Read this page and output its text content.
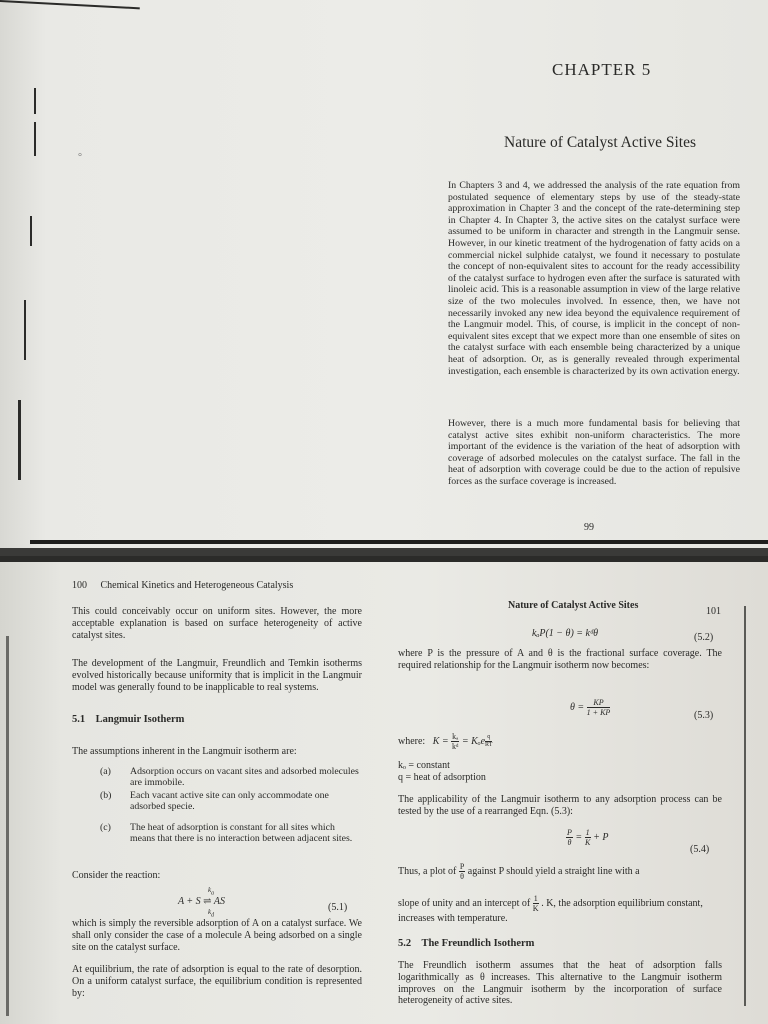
°
CHAPTER 5
Nature of Catalyst Active Sites
In Chapters 3 and 4, we addressed the analysis of the rate equation from postulated sequence of elementary steps by use of the steady-state approximation in Chapter 3 and the concept of the rate-determining step in Chapter 4. In Chapter 3, the active sites on the catalyst surface were assumed to be uniform in character and strength in the Langmuir sense. However, in our kinetic treatment of the hydrogenation of fatty acids on a commercial nickel sulphide catalyst, we found it necessary to postulate the concept of non-equivalent sites to account for the ready accessibility of the catalyst surface to hydrogen even after the surface is saturated with linoleic acid. This is a reasonable assumption in view of the large relative size of the two molecules involved. In essence, then, we have not necessarily invoked any new idea beyond the equivalence requirement of the Langmuir model. This, of course, is implicit in the concept of non-equivalent sites except that we expect more than one ensemble of sites on the catalyst surface with each ensemble being characterized by a unique heat of adsorption. Or, as is generally revealed through experimental investigation, each ensemble is characterized by its own activation energy.
However, there is a much more fundamental basis for believing that catalyst active sites exhibit non-uniform characteristics. The more important of the evidence is the variation of the heat of adsorption with coverage of adsorbed molecules on the catalyst surface. The fall in the heat of adsorption with coverage could be due to the action of repulsive forces as the surface coverage is increased.
99
100 Chemical Kinetics and Heterogeneous Catalysis
This could conceivably occur on uniform sites. However, the more acceptable explanation is based on surface heterogeneity of active catalyst sites.
The development of the Langmuir, Freundlich and Temkin isotherms evolved historically because uniformity that is implicit in the Langmuir model was generally found to be inapplicable to real systems.
5.1 Langmuir Isotherm
The assumptions inherent in the Langmuir isotherm are:
(a) Adsorption occurs on vacant sites and adsorbed molecules are immobile.
(b) Each vacant active site can only accommodate one adsorbed specie.
(c) The heat of adsorption is constant for all sites which means that there is no interaction between adjacent sites.
Consider the reaction:
A + S ⇌ AS
$k_a$
$k_d$
(5.1)
which is simply the reversible adsorption of A on a catalyst surface. We shall only consider the case of a molecule A being adsorbed on a single site on the catalyst surface.
At equilibrium, the rate of adsorption is equal to the rate of desorption. On a uniform catalyst surface, the equilibrium condition is represented by:
Nature of Catalyst Active Sites
101
kₐP(1 − θ) = kᵈθ	(5.2)
where P is the pressure of A and θ is the fractional surface coverage. The required relationship for the Langmuir isotherm now becomes:
$\theta = \frac{KP}{1 + KP}$	(5.3)
where: $K = \frac{\text{kₐ}}{\text{kᵈ}} = K_oe \frac{q}{RT}$
kₒ = constant
q = heat of adsorption
The applicability of the Langmuir isotherm to any adsorption process can be tested by the use of a rearranged Eqn. (5.3):
$\frac{P}{\theta} = \frac{1}{K} + P$
(5.4)
Thus, a plot of $\frac{P}{\theta}$ against P should yield a straight line with a
slope of unity and an intercept of $\frac{1}{K}$ . K, the adsorption equilibrium constant, increases with temperature.
5.2 The Freundlich Isotherm
The Freundlich isotherm assumes that the heat of adsorption falls logarithmically as θ increases. This alternative to the Langmuir isotherm improves on the Langmuir isotherm by the incorporation of surface heterogeneity of active sites.
